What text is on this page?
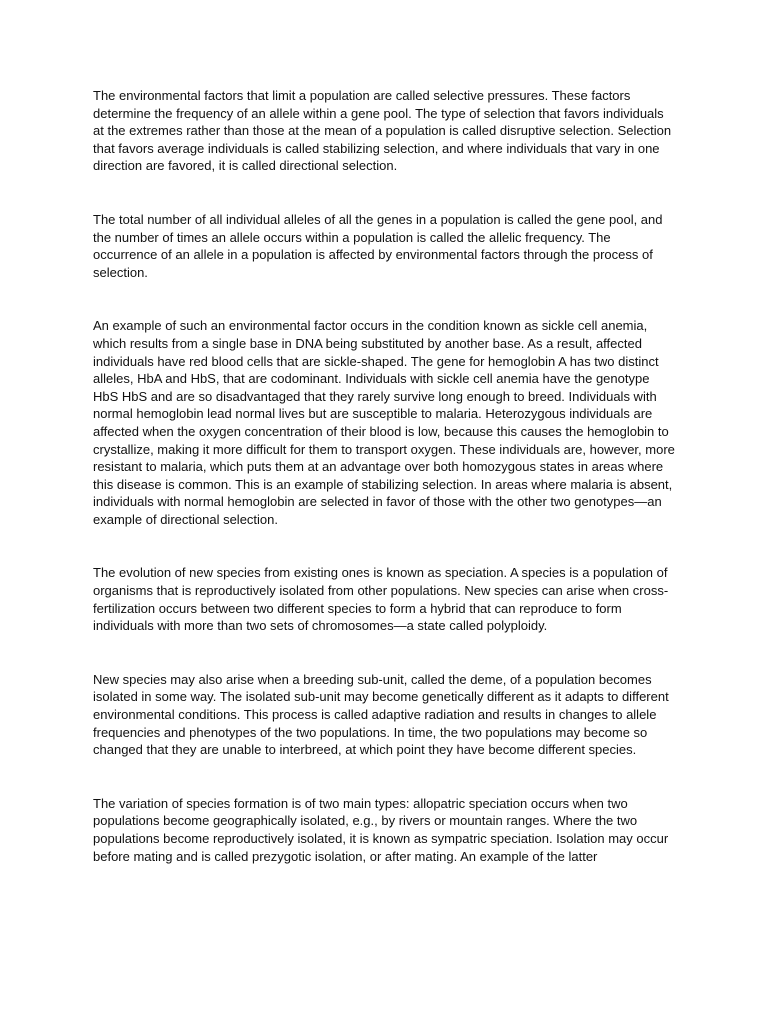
The environmental factors that limit a population are called selective pressures. These factors determine the frequency of an allele within a gene pool. The type of selection that favors individuals at the extremes rather than those at the mean of a population is called disruptive selection. Selection that favors average individuals is called stabilizing selection, and where individuals that vary in one direction are favored, it is called directional selection.

The total number of all individual alleles of all the genes in a population is called the gene pool, and the number of times an allele occurs within a population is called the allelic frequency. The occurrence of an allele in a population is affected by environmental factors through the process of selection.

An example of such an environmental factor occurs in the condition known as sickle cell anemia, which results from a single base in DNA being substituted by another base. As a result, affected individuals have red blood cells that are sickle-shaped. The gene for hemoglobin A has two distinct alleles, HbA and HbS, that are codominant. Individuals with sickle cell anemia have the genotype HbS HbS and are so disadvantaged that they rarely survive long enough to breed. Individuals with normal hemoglobin lead normal lives but are susceptible to malaria. Heterozygous individuals are affected when the oxygen concentration of their blood is low, because this causes the hemoglobin to crystallize, making it more difficult for them to transport oxygen. These individuals are, however, more resistant to malaria, which puts them at an advantage over both homozygous states in areas where this disease is common. This is an example of stabilizing selection. In areas where malaria is absent, individuals with normal hemoglobin are selected in favor of those with the other two genotypes—an example of directional selection.

The evolution of new species from existing ones is known as speciation. A species is a population of organisms that is reproductively isolated from other populations. New species can arise when cross-fertilization occurs between two different species to form a hybrid that can reproduce to form individuals with more than two sets of chromosomes—a state called polyploidy.

New species may also arise when a breeding sub-unit, called the deme, of a population becomes isolated in some way. The isolated sub-unit may become genetically different as it adapts to different environmental conditions. This process is called adaptive radiation and results in changes to allele frequencies and phenotypes of the two populations. In time, the two populations may become so changed that they are unable to interbreed, at which point they have become different species.

The variation of species formation is of two main types: allopatric speciation occurs when two populations become geographically isolated, e.g., by rivers or mountain ranges. Where the two populations become reproductively isolated, it is known as sympatric speciation. Isolation may occur before mating and is called prezygotic isolation, or after mating. An example of the latter
